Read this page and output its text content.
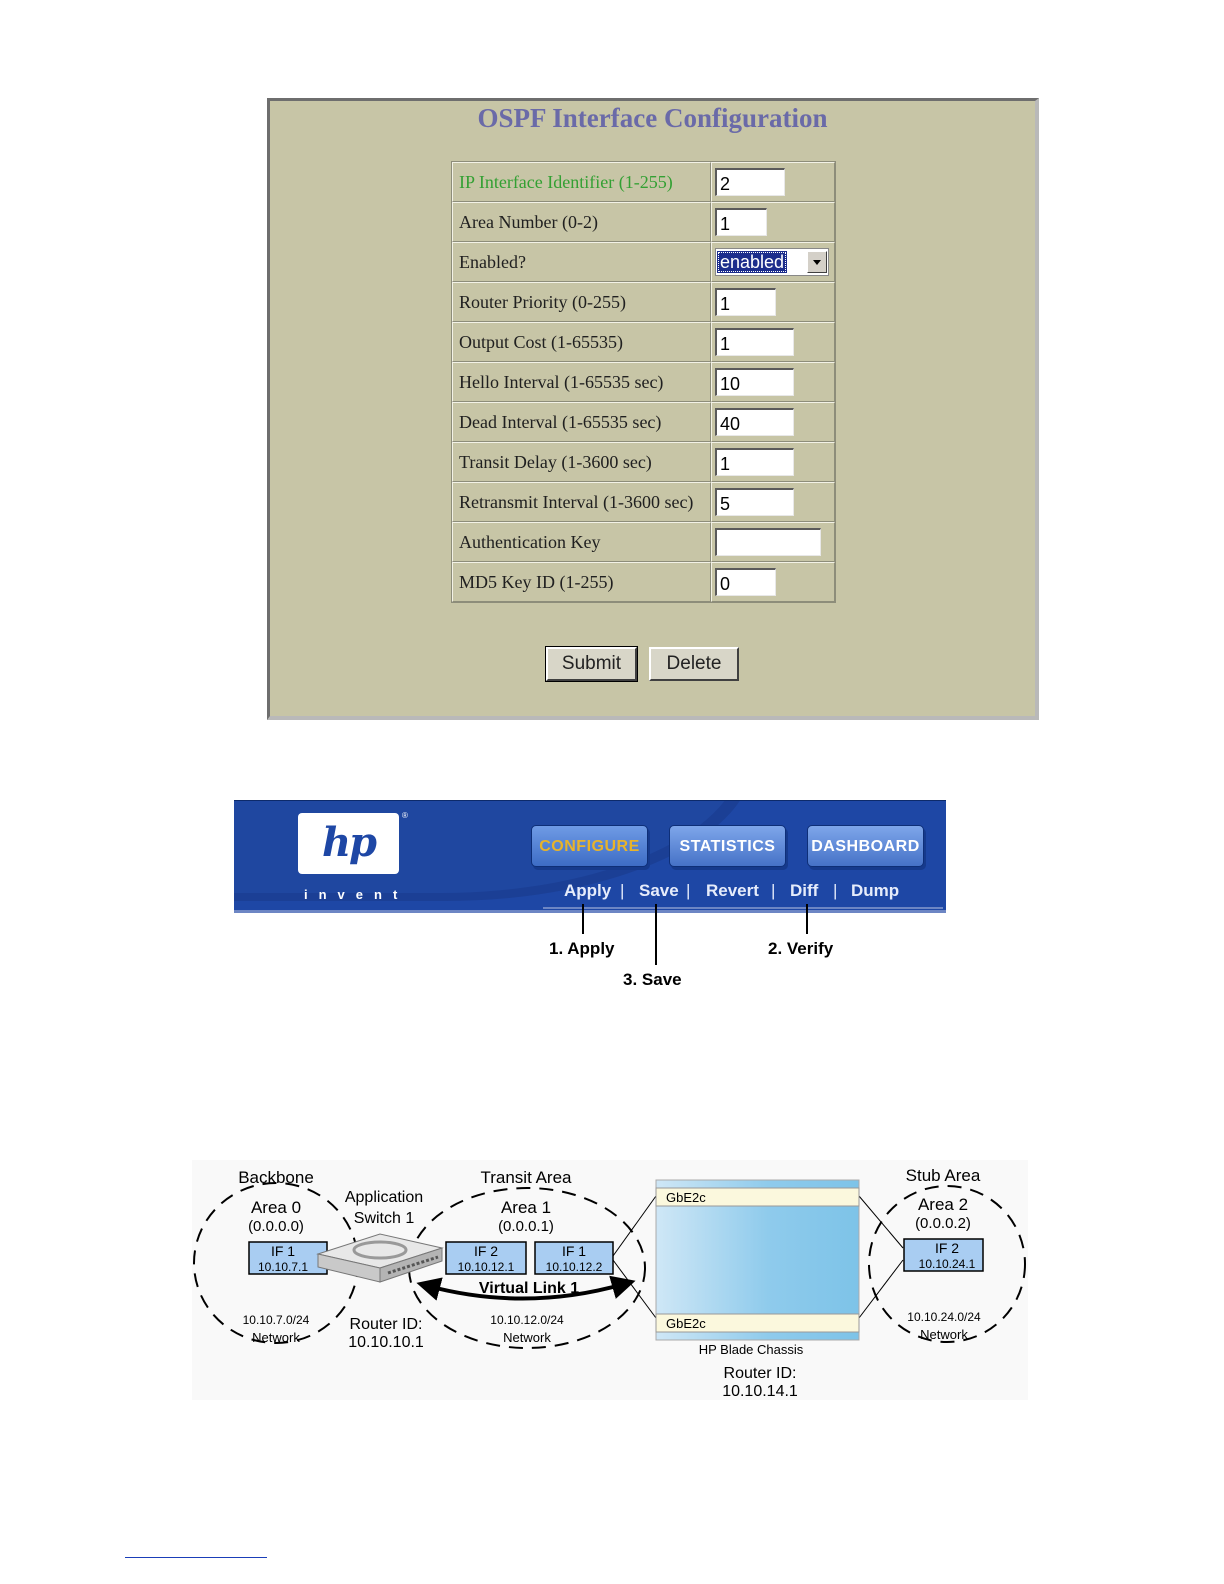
OSPF Interface Configuration
IP Interface Identifier (1-255)	2

Area Number (0-2)	1

Enabled?	enabled

Router Priority (0-255)	1

Output Cost (1-65535)	1

Hello Interval (1-65535 sec)	10

Dead Interval (1-65535 sec)	40

Transit Delay (1-3600 sec)	1

Retransmit Interval (1-3600 sec)	5

Authentication Key	

MD5 Key ID (1-255)	0
Submit	Delete
hp
®
invent
CONFIGURE	STATISTICS	DASHBOARD
Apply | Save | Revert | Diff | Dump
1. Apply	2. Verify
3. Save
Backbone
Area 0
(0.0.0.0)
IF 1
10.10.7.1
10.10.7.0/24
Network
Application
Switch 1
Router ID:
10.10.10.1
Transit Area
Area 1
(0.0.0.1)
IF 2
10.10.12.1
IF 1
10.10.12.2
Virtual Link 1
10.10.12.0/24
Network
GbE2c
GbE2c
HP Blade Chassis
Router ID:
10.10.14.1
Stub Area
Area 2
(0.0.0.2)
IF 2
10.10.24.1
10.10.24.0/24
Network
